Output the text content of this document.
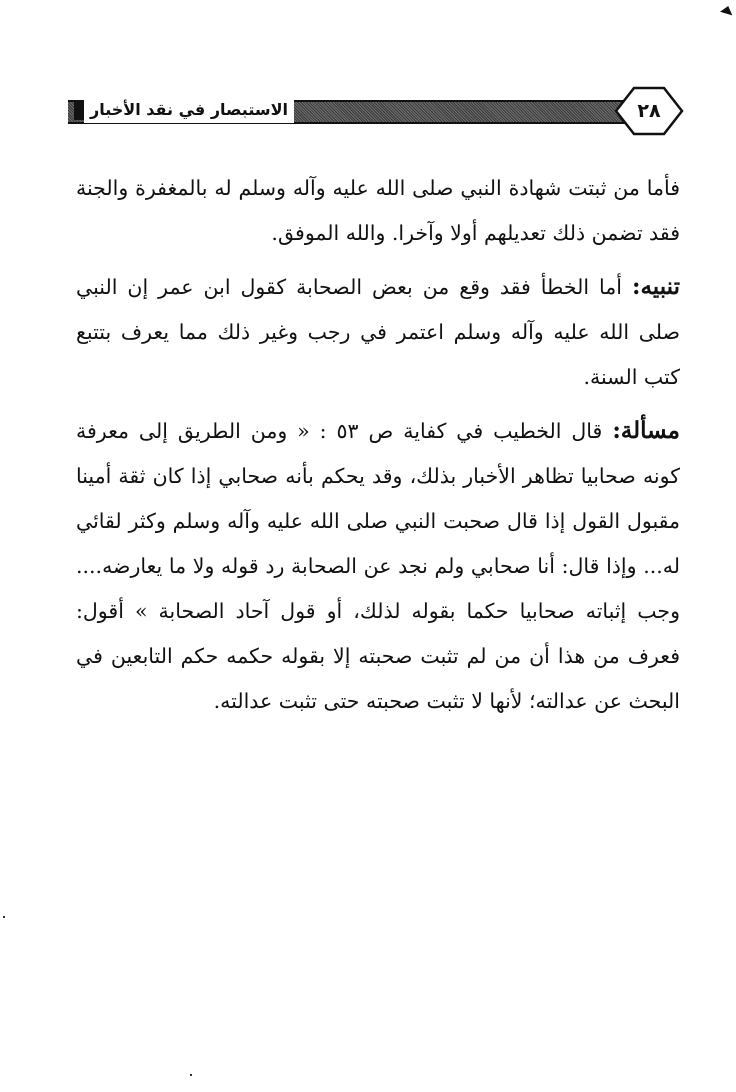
الاستبصار في نقد الأخبار	٢٨

فأما من ثبتت شهادة النبي صلى الله عليه وآله وسلم له بالمغفرة والجنة فقد تضمن ذلك تعديلهم أولا وآخرا. والله الموفق.

تنبيه: أما الخطأ فقد وقع من بعض الصحابة كقول ابن عمر إن النبي صلى الله عليه وآله وسلم اعتمر في رجب وغير ذلك مما يعرف بتتبع كتب السنة.

مسألة: قال الخطيب في كفاية ص ٥٣ : « ومن الطريق إلى معرفة كونه صحابيا تظاهر الأخبار بذلك، وقد يحكم بأنه صحابي إذا كان ثقة أمينا مقبول القول إذا قال صحبت النبي صلى الله عليه وآله وسلم وكثر لقائي له... وإذا قال: أنا صحابي ولم نجد عن الصحابة رد قوله ولا ما يعارضه.... وجب إثباته صحابيا حكما بقوله لذلك، أو قول آحاد الصحابة » أقول: فعرف من هذا أن من لم تثبت صحبته إلا بقوله حكمه حكم التابعين في البحث عن عدالته؛ لأنها لا تثبت صحبته حتى تثبت عدالته.
